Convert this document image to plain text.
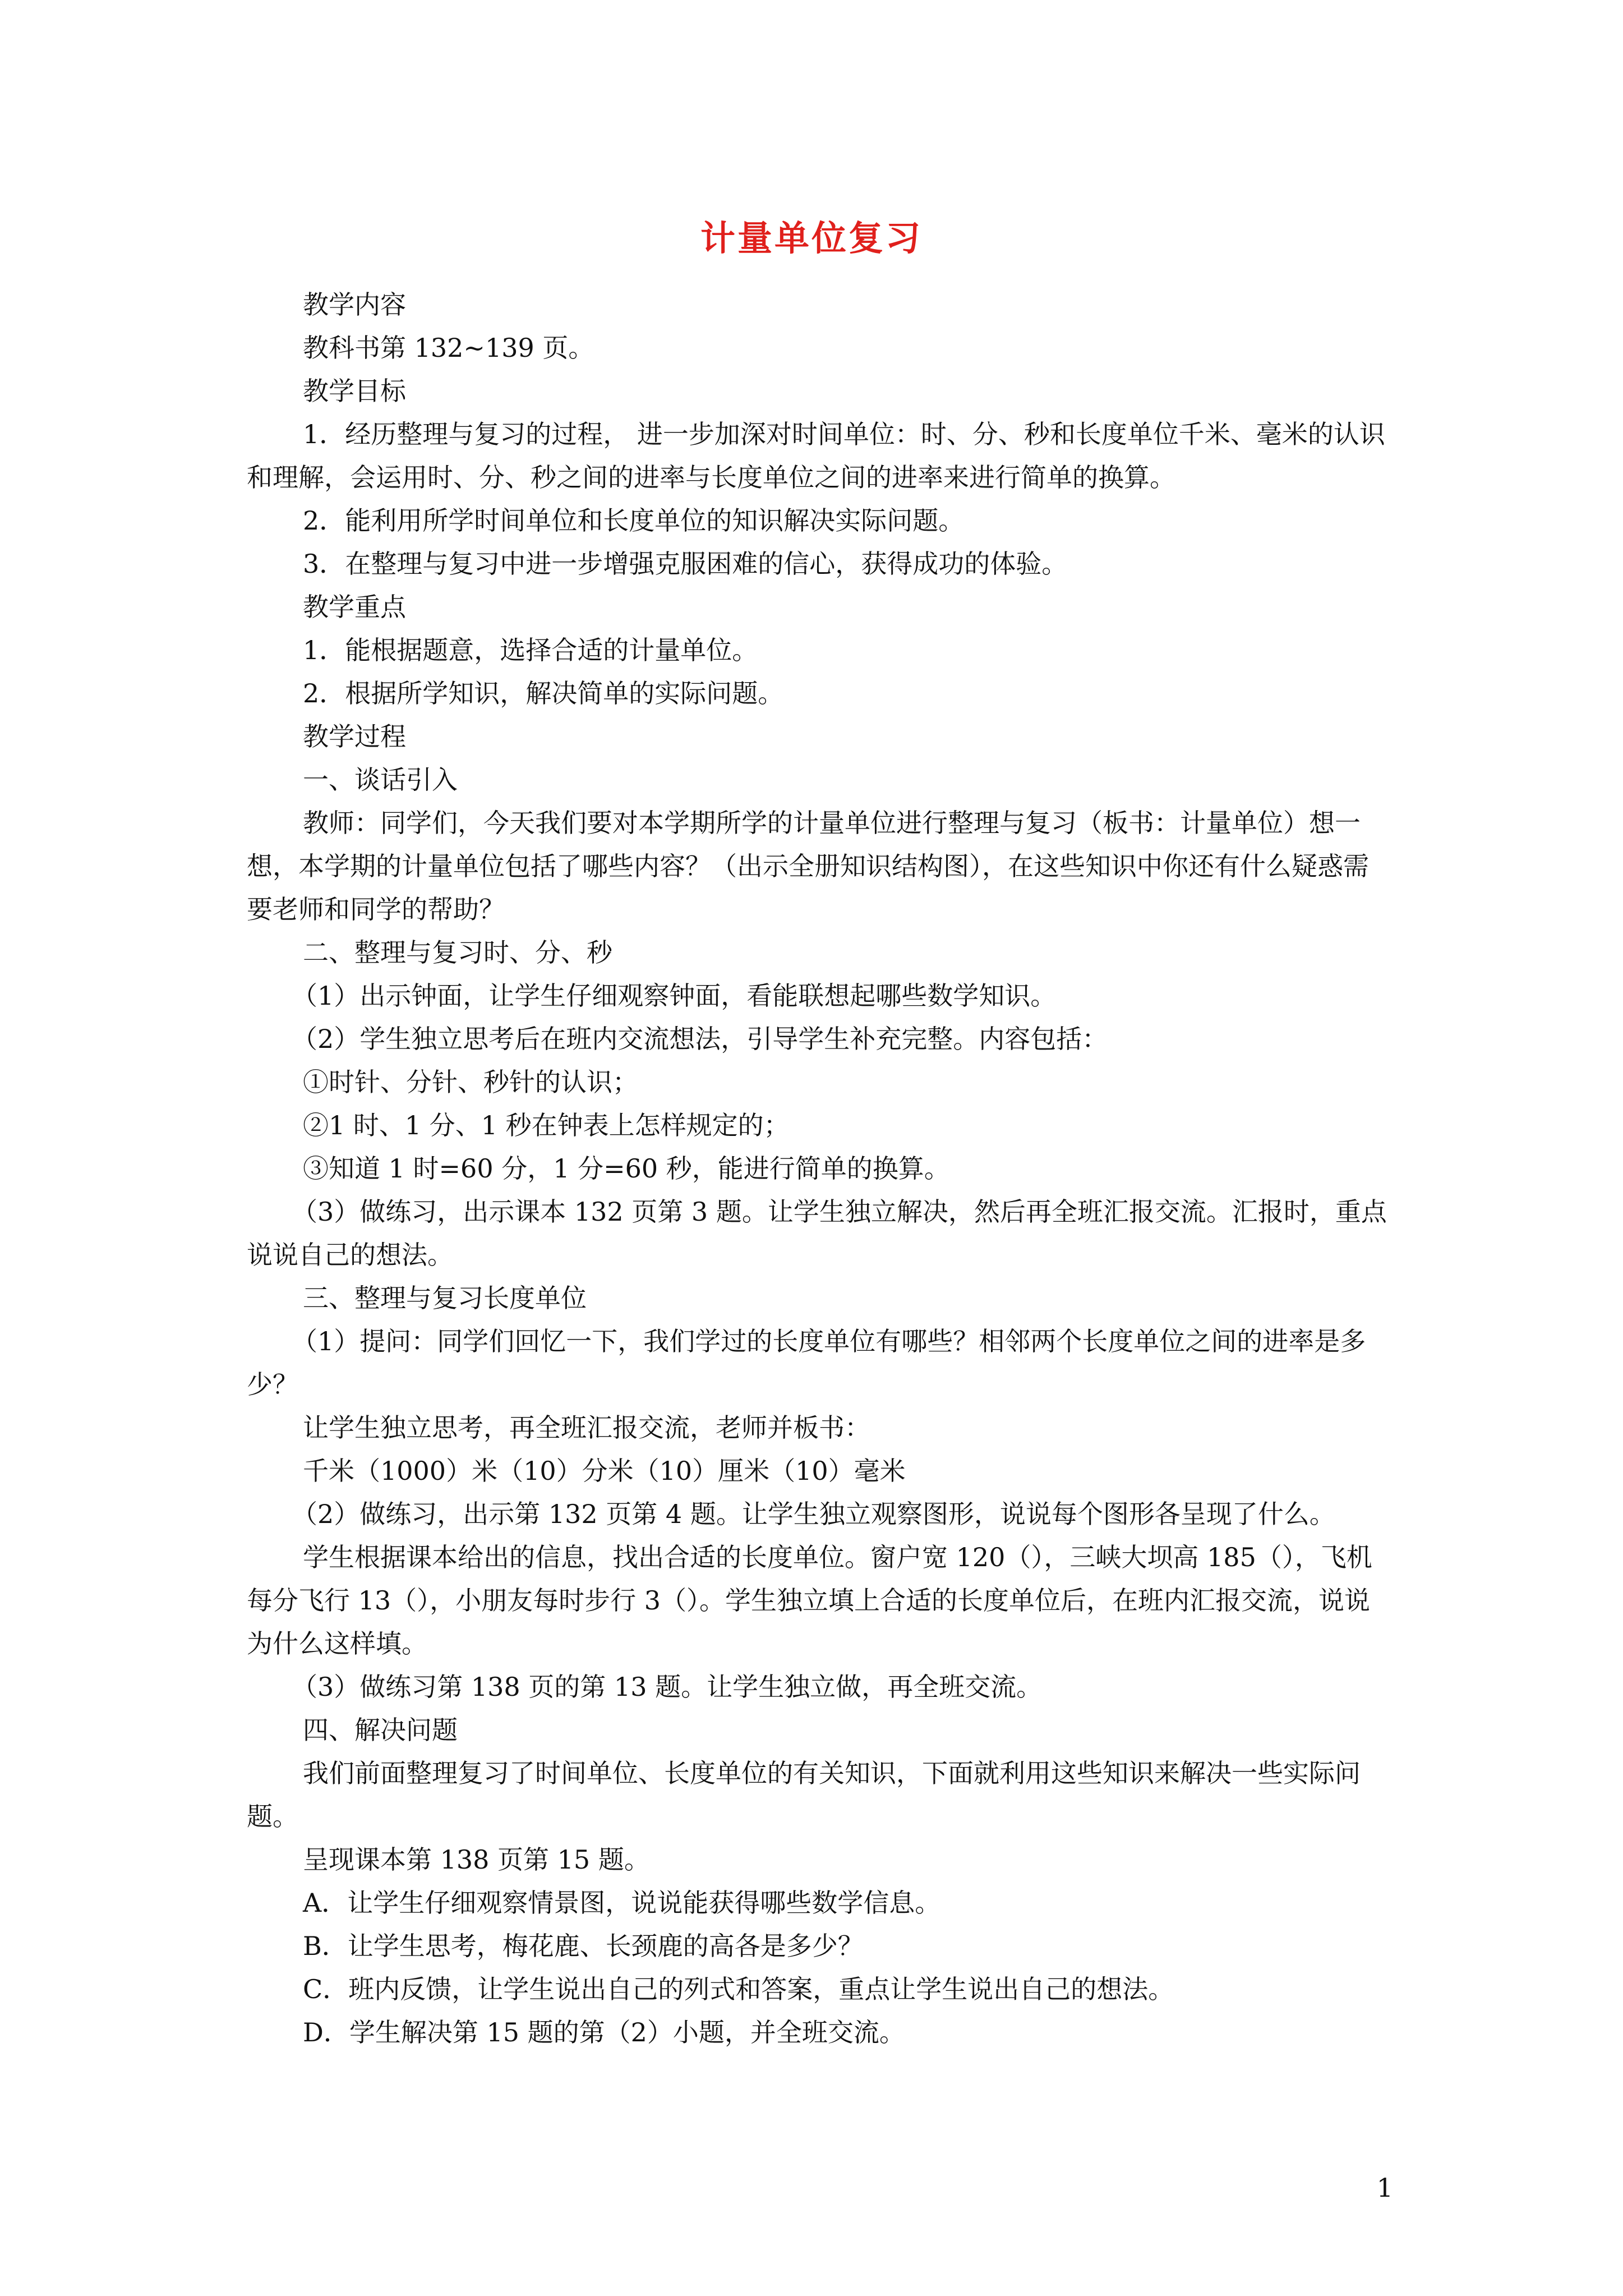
计量单位复习

教学内容

教科书第 132~139 页。

教学目标

1．经历整理与复习的过程， 进一步加深对时间单位：时、分、秒和长度单位千米、毫米的认识和理解，会运用时、分、秒之间的进率与长度单位之间的进率来进行简单的换算。

2．能利用所学时间单位和长度单位的知识解决实际问题。

3．在整理与复习中进一步增强克服困难的信心，获得成功的体验。

教学重点

1．能根据题意，选择合适的计量单位。

2．根据所学知识，解决简单的实际问题。

教学过程

一、谈话引入

教师：同学们，今天我们要对本学期所学的计量单位进行整理与复习（板书：计量单位）想一想，本学期的计量单位包括了哪些内容？（出示全册知识结构图），在这些知识中你还有什么疑惑需要老师和同学的帮助？

二、整理与复习时、分、秒

（1）出示钟面，让学生仔细观察钟面，看能联想起哪些数学知识。

（2）学生独立思考后在班内交流想法，引导学生补充完整。内容包括：

①时针、分针、秒针的认识；

②1 时、1 分、1 秒在钟表上怎样规定的；

③知道 1 时=60 分，1 分=60 秒，能进行简单的换算。

（3）做练习，出示课本 132 页第 3 题。让学生独立解决，然后再全班汇报交流。汇报时，重点说说自己的想法。

三、整理与复习长度单位

（1）提问：同学们回忆一下，我们学过的长度单位有哪些？相邻两个长度单位之间的进率是多少？

让学生独立思考，再全班汇报交流，老师并板书：

千米（1000）米（10）分米（10）厘米（10）毫米

（2）做练习，出示第 132 页第 4 题。让学生独立观察图形，说说每个图形各呈现了什么。

学生根据课本给出的信息，找出合适的长度单位。窗户宽 120（），三峡大坝高 185（），飞机每分飞行 13（），小朋友每时步行 3（）。学生独立填上合适的长度单位后，在班内汇报交流，说说为什么这样填。

（3）做练习第 138 页的第 13 题。让学生独立做，再全班交流。

四、解决问题

我们前面整理复习了时间单位、长度单位的有关知识，下面就利用这些知识来解决一些实际问题。

呈现课本第 138 页第 15 题。

A．让学生仔细观察情景图，说说能获得哪些数学信息。

B．让学生思考，梅花鹿、长颈鹿的高各是多少？

C．班内反馈，让学生说出自己的列式和答案，重点让学生说出自己的想法。

D．学生解决第 15 题的第（2）小题，并全班交流。

1
